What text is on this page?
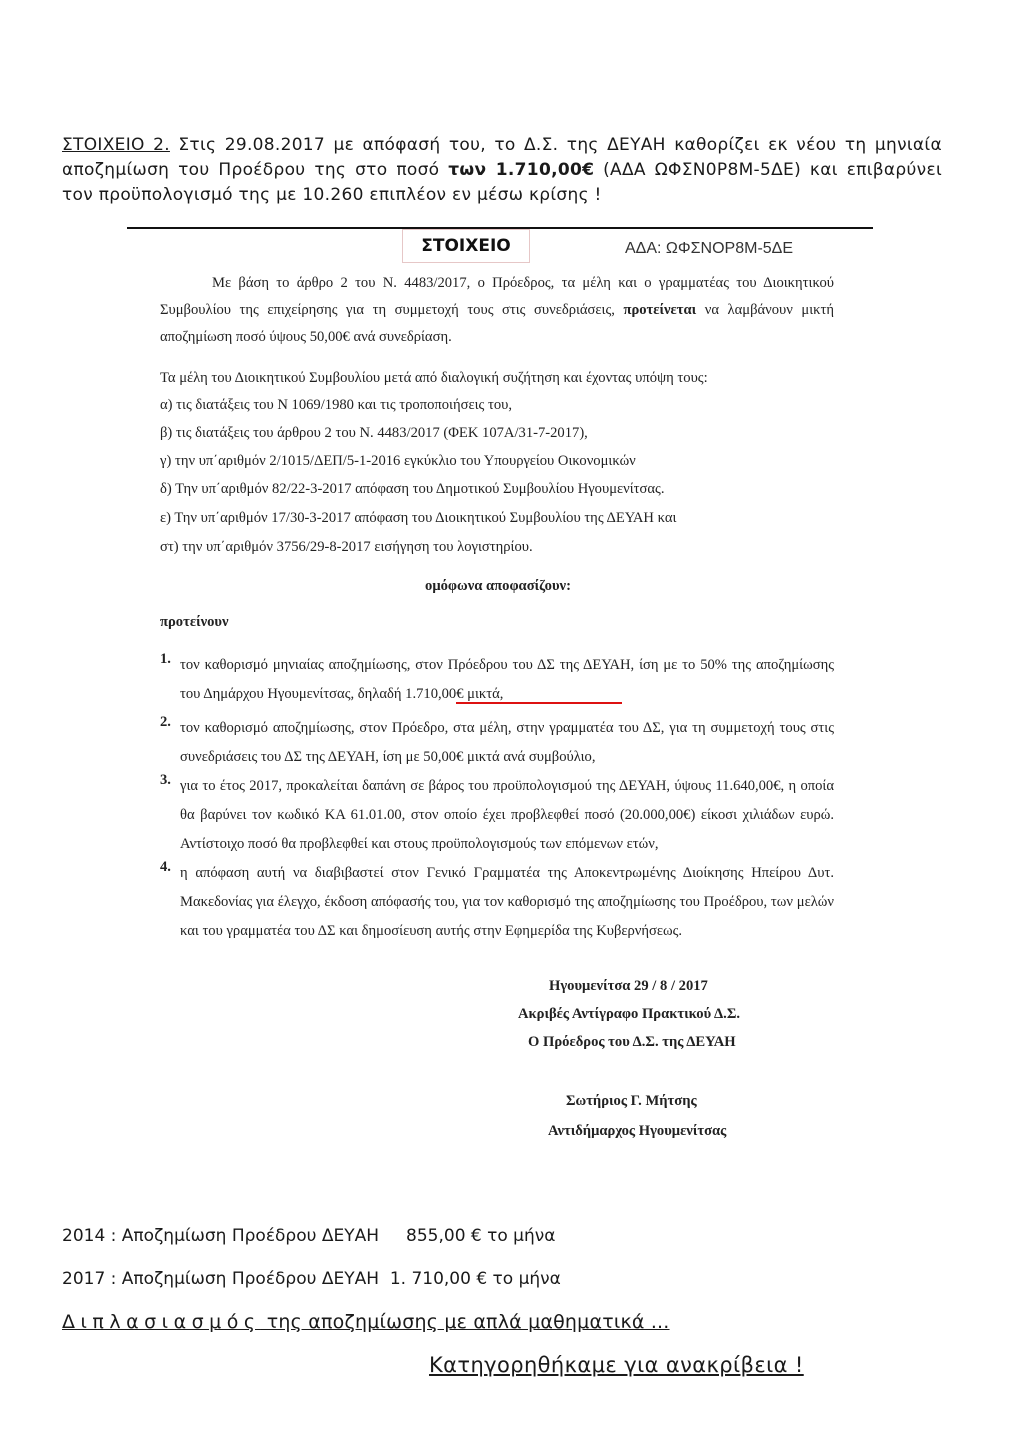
ΣΤΟΙΧΕΙΟ 2. Στις 29.08.2017 με απόφασή του, το Δ.Σ. της ΔΕΥΑΗ καθορίζει εκ νέου τη μηνιαία αποζημίωση του Προέδρου της στο ποσό των 1.710,00€ (ΑΔΑ ΩΦΣΝ0Ρ8Μ-5ΔΕ) και επιβαρύνει τον προϋπολογισμό της με 10.260 επιπλέον εν μέσω κρίσης !
ΣΤΟΙΧΕΙΟ	ΑΔΑ: ΩΦΣΝΟΡ8Μ-5ΔΕ
Με βάση το άρθρο 2 του Ν. 4483/2017, ο Πρόεδρος, τα μέλη και ο γραμματέας του Διοικητικού Συμβουλίου της επιχείρησης για τη συμμετοχή τους στις συνεδριάσεις, προτείνεται να λαμβάνουν μικτή αποζημίωση ποσό ύψους 50,00€ ανά συνεδρίαση.
Τα μέλη του Διοικητικού Συμβουλίου μετά από διαλογική συζήτηση και έχοντας υπόψη τους:
α) τις διατάξεις του Ν 1069/1980 και τις τροποποιήσεις του,
β) τις διατάξεις του άρθρου 2 του Ν. 4483/2017 (ΦΕΚ 107Α/31-7-2017),
γ) την υπ΄αριθμόν 2/1015/ΔΕΠ/5-1-2016 εγκύκλιο του Υπουργείου Οικονομικών
δ) Την υπ΄αριθμόν 82/22-3-2017 απόφαση του Δημοτικού Συμβουλίου Ηγουμενίτσας.
ε) Την υπ΄αριθμόν 17/30-3-2017 απόφαση του Διοικητικού Συμβουλίου της ΔΕΥΑΗ και
στ) την υπ΄αριθμόν 3756/29-8-2017 εισήγηση του λογιστηρίου.
ομόφωνα αποφασίζουν:
προτείνουν
1. τον καθορισμό μηνιαίας αποζημίωσης, στον Πρόεδρου του ΔΣ της ΔΕΥΑΗ, ίση με το 50% της αποζημίωσης του Δημάρχου Ηγουμενίτσας, δηλαδή 1.710,00€ μικτά,
2. τον καθορισμό αποζημίωσης, στον Πρόεδρο, στα μέλη, στην γραμματέα του ΔΣ, για τη συμμετοχή τους στις συνεδριάσεις του ΔΣ της ΔΕΥΑΗ, ίση με 50,00€ μικτά ανά συμβούλιο,
3. για το έτος 2017, προκαλείται δαπάνη σε βάρος του προϋπολογισμού της ΔΕΥΑΗ, ύψους 11.640,00€, η οποία θα βαρύνει τον κωδικό ΚΑ 61.01.00, στον οποίο έχει προβλεφθεί ποσό (20.000,00€) είκοσι χιλιάδων ευρώ. Αντίστοιχο ποσό θα προβλεφθεί και στους προϋπολογισμούς των επόμενων ετών,
4. η απόφαση αυτή να διαβιβαστεί στον Γενικό Γραμματέα της Αποκεντρωμένης Διοίκησης Ηπείρου Δυτ. Μακεδονίας για έλεγχο, έκδοση απόφασής του, για τον καθορισμό της αποζημίωσης του Προέδρου, των μελών και του γραμματέα του ΔΣ και δημοσίευση αυτής στην Εφημερίδα της Κυβερνήσεως.
Ηγουμενίτσα 29 / 8 / 2017
Ακριβές Αντίγραφο Πρακτικού Δ.Σ.
Ο Πρόεδρος του Δ.Σ. της ΔΕΥΑΗ
Σωτήριος Γ. Μήτσης
Αντιδήμαρχος Ηγουμενίτσας
2014 : Αποζημίωση Προέδρου ΔΕΥΑΗ     855,00 € το μήνα
2017 : Αποζημίωση Προέδρου ΔΕΥΑΗ  1. 710,00 € το μήνα
Διπλασιασμός της αποζημίωσης με απλά μαθηματικά ...
Κατηγορηθήκαμε για ανακρίβεια !
